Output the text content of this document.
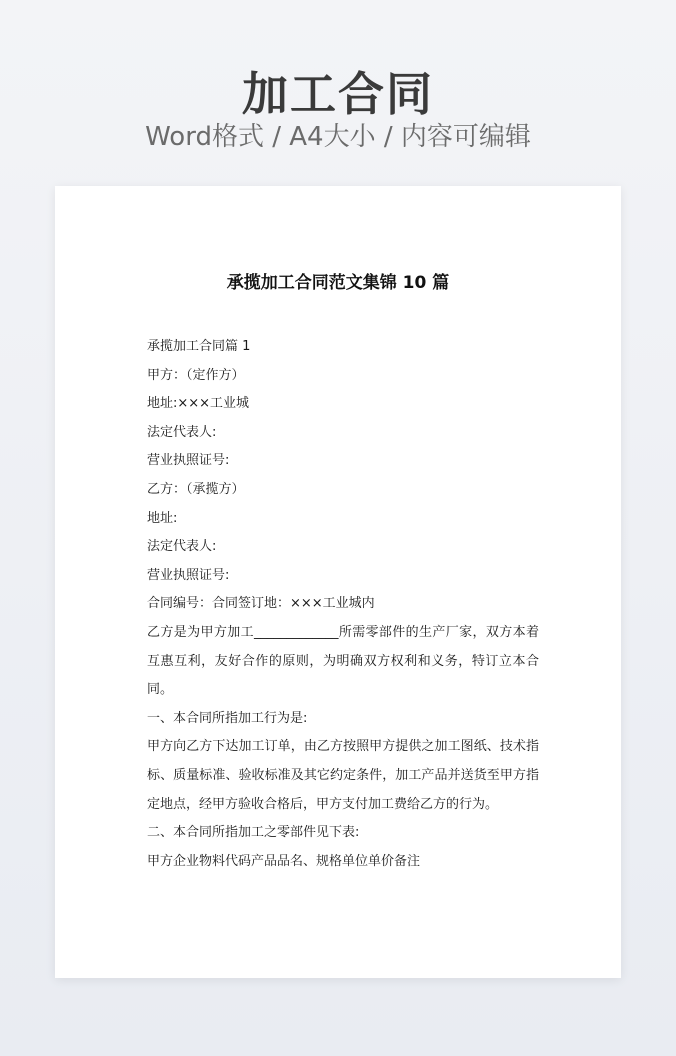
加工合同
Word格式 / A4大小 / 内容可编辑
承揽加工合同范文集锦 10 篇
承揽加工合同篇 1
甲方：（定作方）
地址:×××工业城
法定代表人:
营业执照证号:
乙方：（承揽方）
地址:
法定代表人:
营业执照证号:
合同编号：合同签订地：×××工业城内
乙方是为甲方加工_____________所需零部件的生产厂家，双方本着互惠互利，友好合作的原则，为明确双方权利和义务，特订立本合同。
一、本合同所指加工行为是:
甲方向乙方下达加工订单，由乙方按照甲方提供之加工图纸、技术指标、质量标准、验收标准及其它约定条件，加工产品并送货至甲方指定地点，经甲方验收合格后，甲方支付加工费给乙方的行为。
二、本合同所指加工之零部件见下表:
甲方企业物料代码产品品名、规格单位单价备注
